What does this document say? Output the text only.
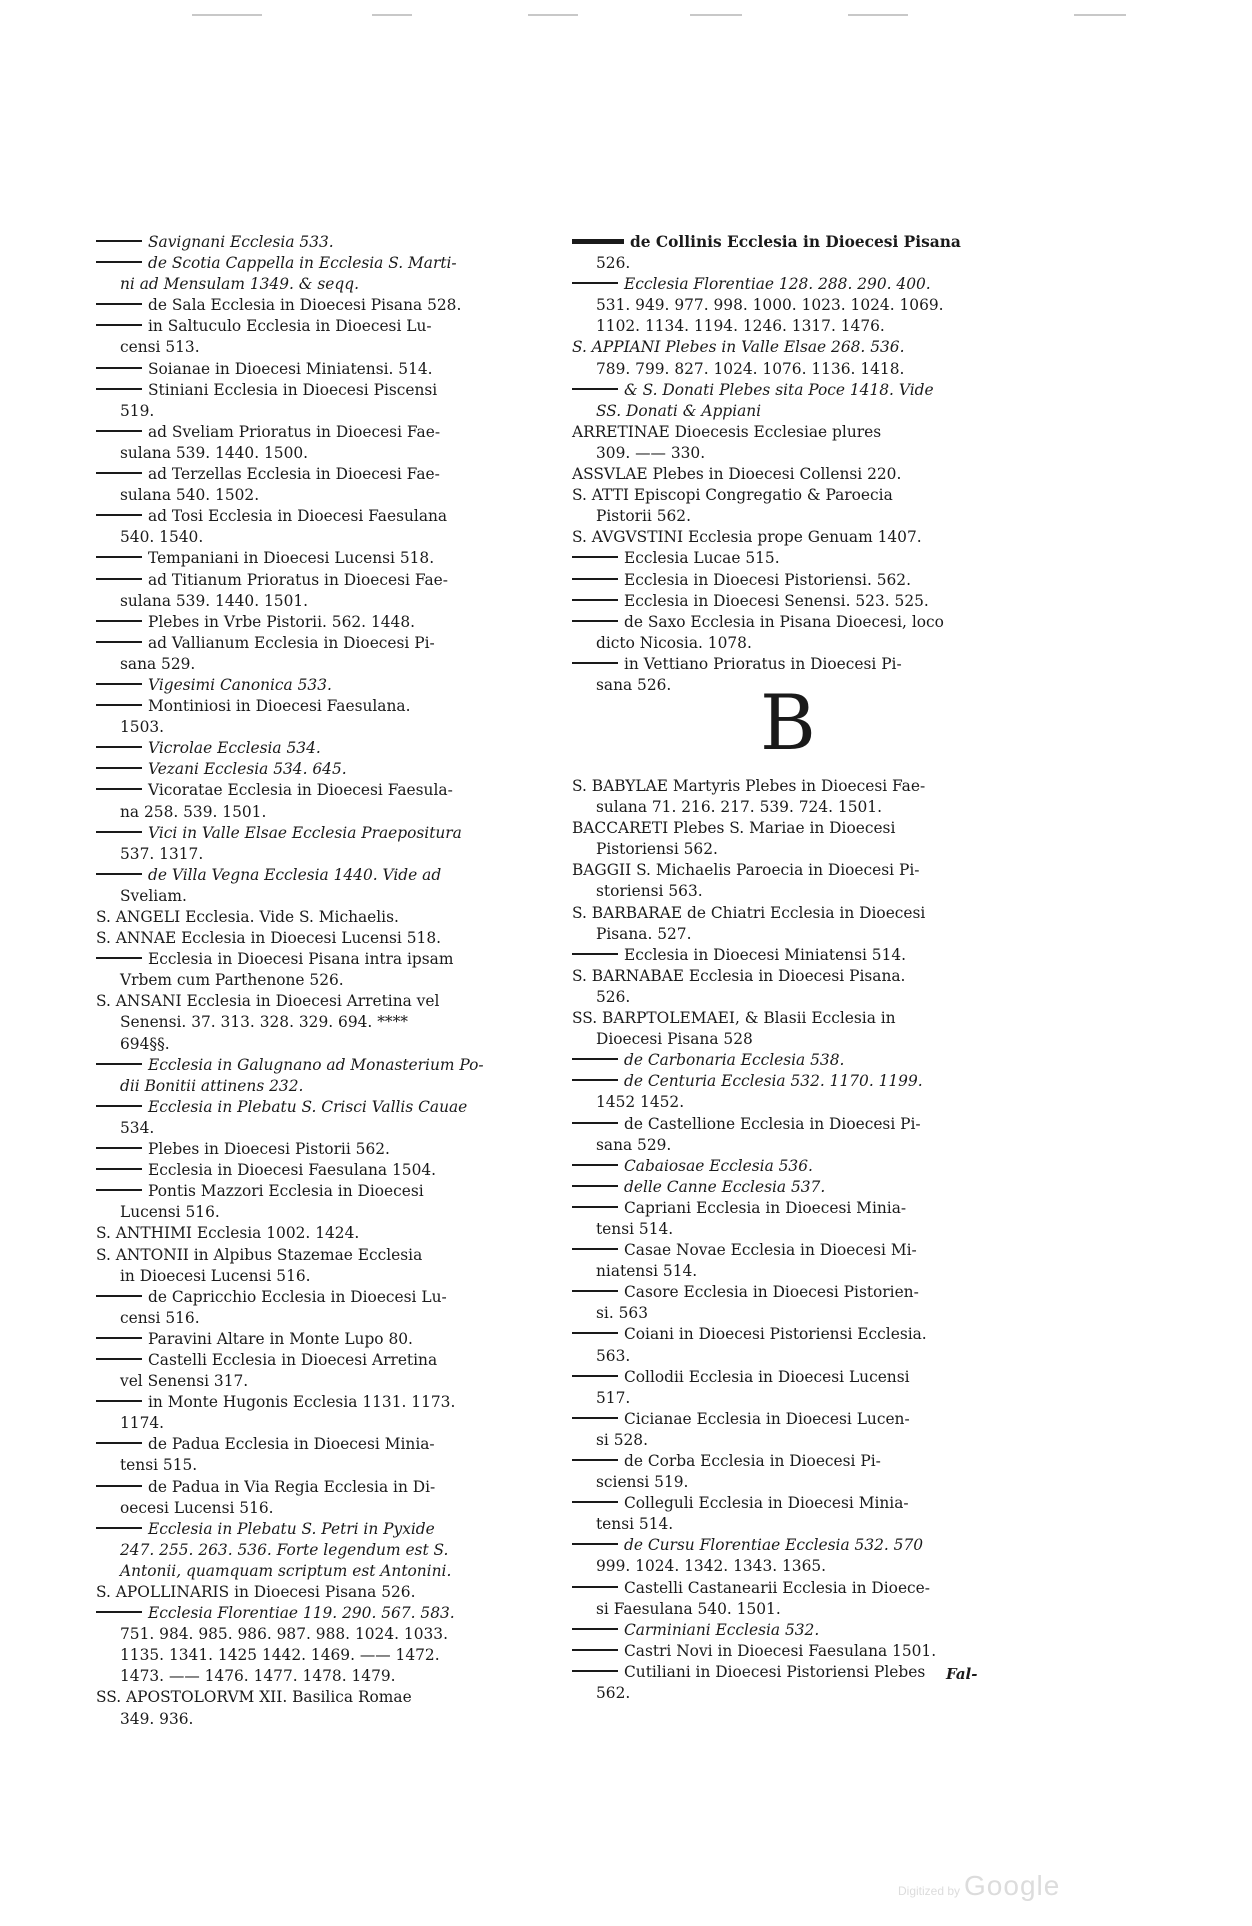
Savignani Ecclesia 533.
de Scotia Cappella in Ecclesia S. Marti-
ni ad Mensulam 1349. & seqq.
de Sala Ecclesia in Dioecesi Pisana 528.
in Saltuculo Ecclesia in Dioecesi Lu-
censi 513.
Soianae in Dioecesi Miniatensi. 514.
Stiniani Ecclesia in Dioecesi Piscensi
519.
ad Sveliam Prioratus in Dioecesi Fae-
sulana 539. 1440. 1500.
ad Terzellas Ecclesia in Dioecesi Fae-
sulana 540. 1502.
ad Tosi Ecclesia in Dioecesi Faesulana
540. 1540.
Tempaniani in Dioecesi Lucensi 518.
ad Titianum Prioratus in Dioecesi Fae-
sulana 539. 1440. 1501.
Plebes in Vrbe Pistorii. 562. 1448.
ad Vallianum Ecclesia in Dioecesi Pi-
sana 529.
Vigesimi Canonica 533.
Montiniosi in Dioecesi Faesulana.
1503.
Vicrolae Ecclesia 534.
Vezani Ecclesia 534. 645.
Vicoratae Ecclesia in Dioecesi Faesula-
na 258. 539. 1501.
Vici in Valle Elsae Ecclesia Praepositura
537. 1317.
de Villa Vegna Ecclesia 1440. Vide ad
Sveliam.
S. ANGELI Ecclesia. Vide S. Michaelis.
S. ANNAE Ecclesia in Dioecesi Lucensi 518.
Ecclesia in Dioecesi Pisana intra ipsam
Vrbem cum Parthenone 526.
S. ANSANI Ecclesia in Dioecesi Arretina vel
Senensi. 37. 313. 328. 329. 694. ****
694§§.
Ecclesia in Galugnano ad Monasterium Po-
dii Bonitii attinens 232.
Ecclesia in Plebatu S. Crisci Vallis Cauae
534.
Plebes in Dioecesi Pistorii 562.
Ecclesia in Dioecesi Faesulana 1504.
Pontis Mazzori Ecclesia in Dioecesi
Lucensi 516.
S. ANTHIMI Ecclesia 1002. 1424.
S. ANTONII in Alpibus Stazemae Ecclesia
in Dioecesi Lucensi 516.
de Capricchio Ecclesia in Dioecesi Lu-
censi 516.
Paravini Altare in Monte Lupo 80.
Castelli Ecclesia in Dioecesi Arretina
vel Senensi 317.
in Monte Hugonis Ecclesia 1131. 1173.
1174.
de Padua Ecclesia in Dioecesi Minia-
tensi 515.
de Padua in Via Regia Ecclesia in Di-
oecesi Lucensi 516.
Ecclesia in Plebatu S. Petri in Pyxide
247. 255. 263. 536. Forte legendum est S.
Antonii, quamquam scriptum est Antonini.
S. APOLLINARIS in Dioecesi Pisana 526.
Ecclesia Florentiae 119. 290. 567. 583.
751. 984. 985. 986. 987. 988. 1024. 1033.
1135. 1341. 1425 1442. 1469. —— 1472.
1473. —— 1476. 1477. 1478. 1479.
SS. APOSTOLORVM XII. Basilica Romae
349. 936.
de Collinis Ecclesia in Dioecesi Pisana
526.
Ecclesia Florentiae 128. 288. 290. 400.
531. 949. 977. 998. 1000. 1023. 1024. 1069.
1102. 1134. 1194. 1246. 1317. 1476.
S. APPIANI Plebes in Valle Elsae 268. 536.
789. 799. 827. 1024. 1076. 1136. 1418.
& S. Donati Plebes sita Poce 1418. Vide
SS. Donati & Appiani
ARRETINAE Dioecesis Ecclesiae plures
309. —— 330.
ASSVLAE Plebes in Dioecesi Collensi 220.
S. ATTI Episcopi Congregatio & Paroecia
Pistorii 562.
S. AVGVSTINI Ecclesia prope Genuam 1407.
Ecclesia Lucae 515.
Ecclesia in Dioecesi Pistoriensi. 562.
Ecclesia in Dioecesi Senensi. 523. 525.
de Saxo Ecclesia in Pisana Dioecesi, loco
dicto Nicosia. 1078.
in Vettiano Prioratus in Dioecesi Pi-
sana 526.	B
S. BABYLAE Martyris Plebes in Dioecesi Fae-
sulana 71. 216. 217. 539. 724. 1501.
BACCARETI Plebes S. Mariae in Dioecesi
Pistoriensi 562.
BAGGII S. Michaelis Paroecia in Dioecesi Pi-
storiensi 563.
S. BARBARAE de Chiatri Ecclesia in Dioecesi
Pisana. 527.
Ecclesia in Dioecesi Miniatensi 514.
S. BARNABAE Ecclesia in Dioecesi Pisana.
526.
SS. BARPTOLEMAEI, & Blasii Ecclesia in
Dioecesi Pisana 528
de Carbonaria Ecclesia 538.
de Centuria Ecclesia 532. 1170. 1199.
1452 1452.
de Castellione Ecclesia in Dioecesi Pi-
sana 529.
Cabaiosae Ecclesia 536.
delle Canne Ecclesia 537.
Capriani Ecclesia in Dioecesi Minia-
tensi 514.
Casae Novae Ecclesia in Dioecesi Mi-
niatensi 514.
Casore Ecclesia in Dioecesi Pistorien-
si. 563
Coiani in Dioecesi Pistoriensi Ecclesia.
563.
Collodii Ecclesia in Dioecesi Lucensi
517.
Cicianae Ecclesia in Dioecesi Lucen-
si 528.
de Corba Ecclesia in Dioecesi Pi-
sciensi 519.
Colleguli Ecclesia in Dioecesi Minia-
tensi 514.
de Cursu Florentiae Ecclesia 532. 570
999. 1024. 1342. 1343. 1365.
Castelli Castanearii Ecclesia in Dioece-
si Faesulana 540. 1501.
Carminiani Ecclesia 532.
Castri Novi in Dioecesi Faesulana 1501.
Cutiliani in Dioecesi Pistoriensi Plebes
562.
Fal-
Digitized by Google
